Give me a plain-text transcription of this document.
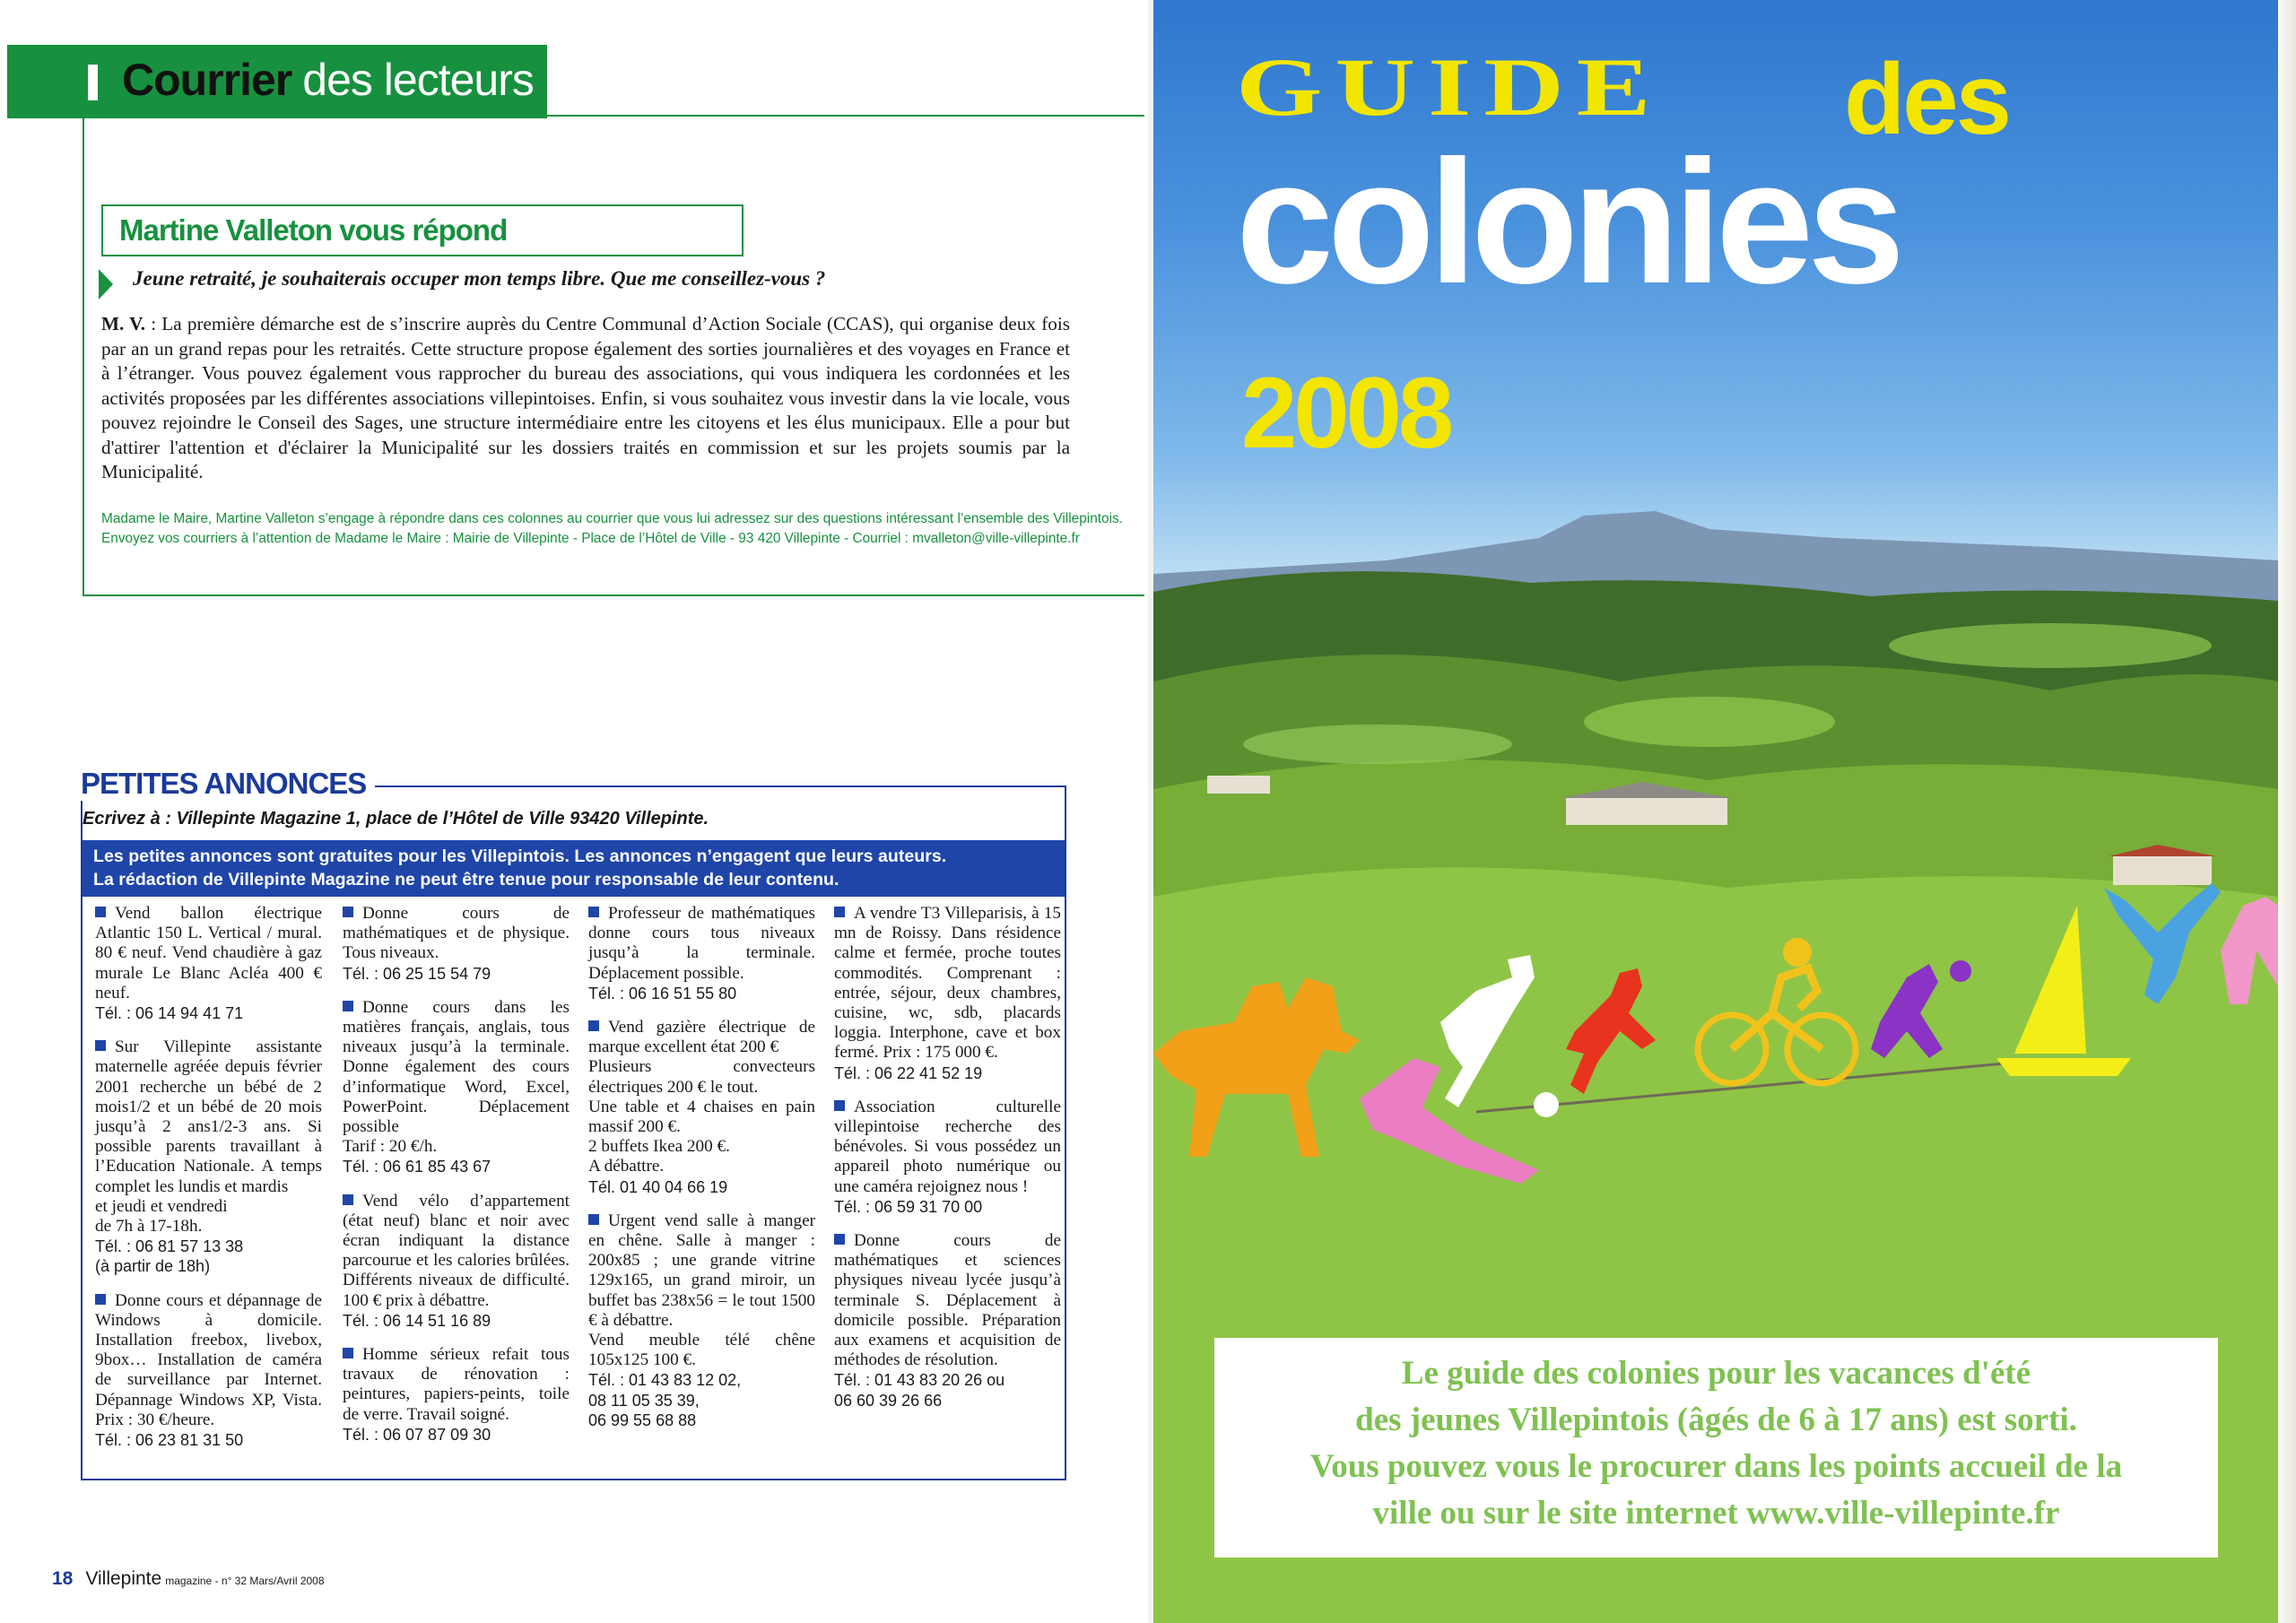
Courrier des lecteurs
Martine Valleton vous répond
Jeune retraité, je souhaiterais occuper mon temps libre. Que me conseillez-vous ?
M. V. : La première démarche est de s’inscrire auprès du Centre Communal d’Action Sociale (CCAS), qui organise deux fois par an un grand repas pour les retraités. Cette structure propose également des sorties journalières et des voyages en France et à l’étranger. Vous pouvez également vous rapprocher du bureau des associations, qui vous indiquera les cordonnées et les activités proposées par les différentes associations villepintoises. Enfin, si vous souhaitez vous investir dans la vie locale, vous pouvez rejoindre le Conseil des Sages, une structure intermédiaire entre les citoyens et les élus municipaux. Elle a pour but d'attirer l'attention et d'éclairer la Municipalité sur les dossiers traités en commission et sur les projets soumis par la Municipalité.

Madame le Maire, Martine Valleton s’engage à répondre dans ces colonnes au courrier que vous lui adressez sur des questions intéressant l’ensemble des Villepintois.

Envoyez vos courriers à l’attention de Madame le Maire : Mairie de Villepinte - Place de l’Hôtel de Ville - 93 420 Villepinte - Courriel : mvalleton@ville-villepinte.fr

PETITES ANNONCES
Ecrivez à : Villepinte Magazine 1, place de l’Hôtel de Ville 93420 Villepinte.

Les petites annonces sont gratuites pour les Villepintois. Les annonces n’engagent que leurs auteurs.

La rédaction de Villepinte Magazine ne peut être tenue pour responsable de leur contenu.

Vend ballon électrique Atlantic 150 L. Vertical / mural. 80 € neuf. Vend chaudière à gaz murale Le Blanc Acléa 400 € neuf.
Tél. : 06 14 94 41 71
Sur Villepinte assistante maternelle agréée depuis février 2001 recherche un bébé de 2 mois1/2 et un bébé de 20 mois jusqu’à 2 ans1/2-3 ans. Si possible parents travaillant à l’Education Nationale. A temps complet les lundis et mardis
et jeudi et vendredi
de 7h à 17-18h.
Tél. : 06 81 57 13 38
(à partir de 18h)
Donne cours et dépannage de Windows à domicile. Installation freebox, livebox, 9box… Installation de caméra de surveillance par Internet. Dépannage Windows XP, Vista. Prix : 30 €/heure.
Tél. : 06 23 81 31 50
Donne cours de mathématiques et de physique. Tous niveaux.
Tél. : 06 25 15 54 79
Donne cours dans les matières français, anglais, tous niveaux jusqu’à la terminale. Donne également des cours d’informatique Word, Excel, PowerPoint. Déplacement possible
Tarif : 20 €/h.
Tél. : 06 61 85 43 67
Vend vélo d’appartement (état neuf) blanc et noir avec écran indiquant la distance parcourue et les calories brûlées. Différents niveaux de difficulté. 100 € prix à débattre.
Tél. : 06 14 51 16 89
Homme sérieux refait tous travaux de rénovation : peintures, papiers-peints, toile de verre. Travail soigné.
Tél. : 06 07 87 09 30
Professeur de mathématiques donne cours tous niveaux jusqu’à la terminale. Déplacement possible.
Tél. : 06 16 51 55 80
Vend gazière électrique de marque excellent état 200 €
Plusieurs convecteurs électriques 200 € le tout.
Une table et 4 chaises en pain massif 200 €.
2 buffets Ikea 200 €.
A débattre.
Tél. 01 40 04 66 19
Urgent vend salle à manger en chêne. Salle à manger : 200x85 ; une grande vitrine 129x165, un grand miroir, un buffet bas 238x56 = le tout 1500 € à débattre.
Vend meuble télé chêne 105x125 100 €.
Tél. : 01 43 83 12 02,
08 11 05 35 39,
06 99 55 68 88
A vendre T3 Villeparisis, à 15 mn de Roissy. Dans résidence calme et fermée, proche toutes commodités. Comprenant : entrée, séjour, deux chambres, cuisine, wc, sdb, placards loggia. Interphone, cave et box fermé. Prix : 175 000 €.
Tél. : 06 22 41 52 19
Association culturelle villepintoise recherche des bénévoles. Si vous possédez un appareil photo numérique ou une caméra rejoignez nous !
Tél. : 06 59 31 70 00
Donne cours de mathématiques et sciences physiques niveau lycée jusqu’à terminale S. Déplacement à domicile possible. Préparation aux examens et acquisition de méthodes de résolution.
Tél. : 01 43 83 20 26 ou
06 60 39 26 66
18 Villepinte magazine - n° 32 Mars/Avril 2008
GUIDE des
colonies
2008

Le guide des colonies pour les vacances d'été

des jeunes Villepintois (âgés de 6 à 17 ans) est sorti.

Vous pouvez vous le procurer dans les points accueil de la

ville ou sur le site internet www.ville-villepinte.fr
